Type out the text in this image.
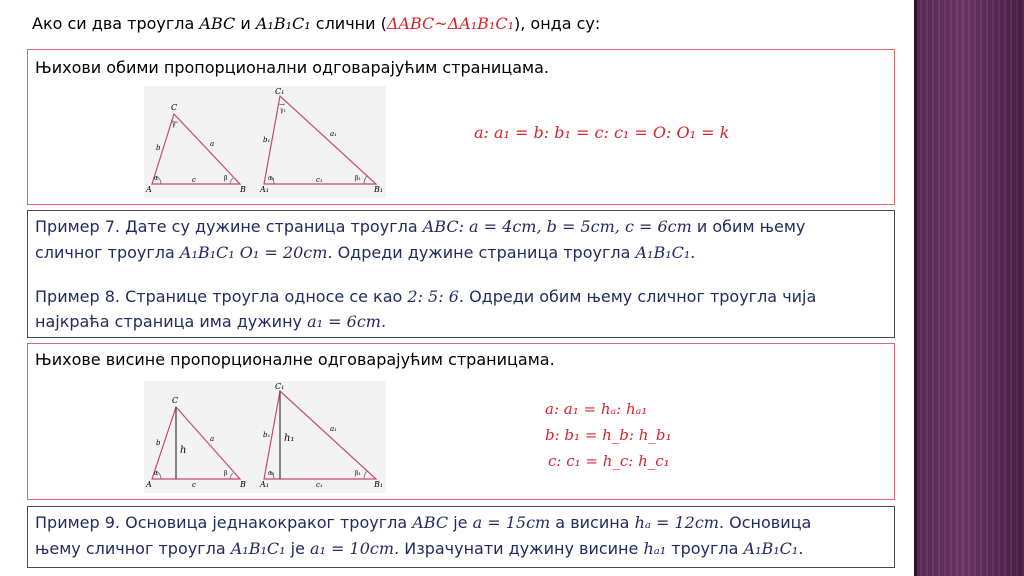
Ако си два троугла ABC и A₁B₁C₁ слични (ΔABC~ΔA₁B₁C₁), онда су:
Њихови обими пропорционални одговарајућим страницама.
A	B
C
a
b
c
α	β
γ
A₁	B₁
C₁
a₁
b₁
c₁
α₁	β₁
γ₁
a: a₁ = b: b₁ = c: c₁ = O: O₁ = k
Пример 7. Дате су дужине страница троугла ABC: a = 4cm, b = 5cm, c = 6cm и обим њему
сличног троугла A₁B₁C₁ O₁ = 20cm. Одреди дужине страница троугла A₁B₁C₁.
Пример 8. Странице троугла односе се као 2: 5: 6. Одреди обим њему сличног троугла чија
најкраћа страница има дужину a₁ = 6cm.
Њихове висине пропорционалне одговарајућим страницама.
A	B
C
a
b
c
h
α	β
A₁	B₁
C₁
a₁
b₁
c₁
h₁
α₁	β₁
a: a₁ = hₐ: hₐ₁
b: b₁ = h_b: h_b₁
c: c₁ = h_c: h_c₁
Пример 9. Основица једнакокраког троугла ABC је a = 15cm а висина hₐ = 12cm. Основица
њему сличног троугла A₁B₁C₁ је a₁ = 10cm. Израчунати дужину висине hₐ₁ троугла A₁B₁C₁.
